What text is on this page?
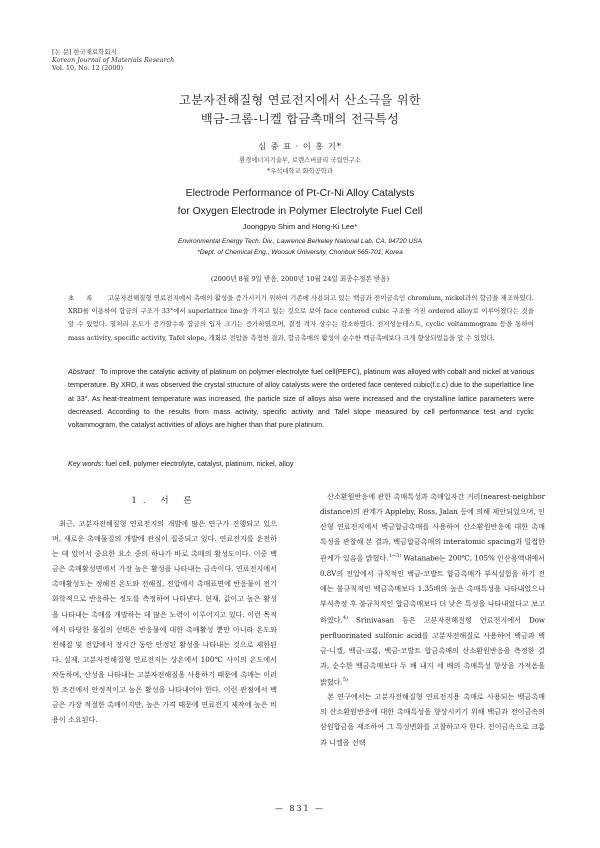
[논 문] 한국재료학회지
Korean Journal of Materials Research
Vol. 10, No. 12 (2000)
고분자전해질형 연료전지에서 산소극을 위한
백금-크롬-니켈 합금촉매의 전극특성
심 중 표 · 이 홍 기*
환경에너지기술부, 로렌스버클리 국립연구소
*우석대학교 화학공학과
Electrode Performance of Pt-Cr-Ni Alloy Catalysts
for Oxygen Electrode in Polymer Electrolyte Fuel Cell
Joongpyo Shim and Hong-Ki Lee*
Environmental Energy Tech. Div., Lawrence Berkeley National Lab, CA, 94720 USA
*Dept. of Chemical Eng., Woosuk University, Chonbuk 565-701, Korea
(2000년 8월 9일 받음, 2000년 10월 24일 최종수정본 받음)
초 록 고분자전해질형 연료전지에서 촉매의 활성을 증가시키기 위하여 기존에 사용되고 있는 백금과 전이금속인 chromium, nickel과의 합금을 제조하였다. XRD를 이용하여 합금의 구조가 33°에서 superlattice line을 가지고 있는 것으로 보아 face centered cubic 구조를 가진 ordered alloy로 이루어졌다는 것을 알 수 있었다. 열처리 온도가 증가할수록 합금의 입자 크기는 증가하였으며, 결정 격자 상수는 감소하였다. 전지성능테스트, cyclic voltammogram 등을 통하여 mass activity, specific activity, Tafel slope, 개회로 전압을 측정한 결과, 합금촉매의 활성이 순수한 백금촉매보다 크게 향상되었음을 알 수 있었다.
Abstract To improve the catalytic activity of platinum on polymer electrolyte fuel cell(PEFC), platinum was alloyed with cobalt and nickel at various temperature. By XRD, it was observed the crystal structure of alloy catalysts were the ordered face centered cubic(f.c.c) due to the superlattice line at 33°. As heat-treatment temperature was increased, the particle size of alloys also were increased and the crystalline lattice parameters were decreased. According to the results from mass activity, specific activity and Tafel slope measured by cell performance test and cyclic voltammogram, the catalyst activities of alloys are higher than that pure platinum.
Key words: fuel cell, polymer electrolyte, catalyst, platinum, nickel, alloy
1. 서 론

최근, 고분자전해질형 연료전지의 개발에 많은 연구가 진행되고 있으며, 새로운 촉매물질의 개발에 관심이 집중되고 있다. 연료전지를 운전하는 데 있어서 중요한 요소 중의 하나가 바로 촉매의 활성도이다. 이중 백금은 촉매활성면에서 가장 높은 활성을 나타내는 금속이다. 연료전지에서 촉매활성도는 정해진 온도와 전해질, 전압에서 촉매표면에 반응물이 전기화학적으로 반응하는 정도를 측정하여 나타낸다. 현재, 값이고 높은 활성을 나타내는 촉매를 개발하는 데 많은 노력이 이루어지고 있다. 이런 목적에서 타당한 물질의 선택은 반응물에 대한 촉매활성 뿐만 아니라 온도와 전해질 및 전압에서 장시간 동안 안정된 활성을 나타내는 것으로 제한된다. 실제, 고분자전해질형 연료전지는 상온에서 100℃ 사이의 온도에서 작동하며, 산성을 나타내는 고분자전해질을 사용하기 때문에 촉매는 이러한 조건에서 안정적이고 높은 활성을 나타내어야 한다. 이런 관점에서 백금은 가장 적절한 촉매이지만, 높은 가격 때문에 연료전지 제작에 높은 비용이 소요된다.

산소환원반응에 관한 촉매특성과 촉매입자간 거리(nearest-neighbor distance)의 관계가 Appleby, Ross, Jalan 등에 의해 제안되었으며, 인산형 연료전지에서 백금합금촉매를 사용하여 산소환원반응에 대한 촉매특성을 관찰해 본 결과, 백금합금촉매의 interatomic spacing과 밀접한 관계가 있음을 밝혔다.$^{1\sim 3)}$ Watanabe는 200℃, 105% 인산용액내에서 0.8V의 전압에서 규칙적인 백금-코발트 합금촉매가 부식실험을 하기 전에는 불규칙적인 백금촉매보다 1.35배의 높은 촉매특성을 나타내었으나 부식측정 후 불규칙적인 합금촉매보다 더 낮은 특성을 나타내었다고 보고하였다.$^{4)}$ Srinivasan 등은 고분자전해질형 연료전지에서 Dow perfluorinated sulfonic acid를 고분자전해질로 사용하여 백금과 백금-니켈, 백금-크롬, 백금-코발트 합금촉매의 산소환원반응을 측정한 결과, 순수한 백금촉매보다 두 배 내지 세 배의 촉매특성 향상을 가져옴을 밝혔다.$^{5)}$

본 연구에서는 고분자전해질형 연료전지용 촉매로 사용되는 백금촉매의 산소환원반응에 대한 촉매특성을 향상시키기 위해 백금과 전이금속의 삼원합금을 제조하여 그 특성변화를 고찰하고자 한다. 전이금속으로 크롬과 니켈을 선택

— 831 —
